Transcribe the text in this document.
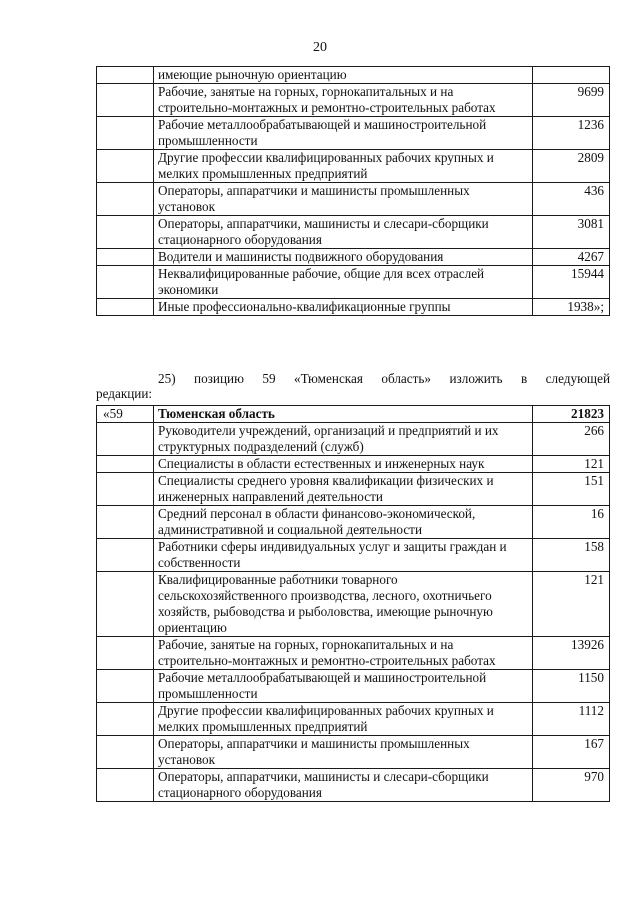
20
	имеющие рыночную ориентацию	
	Рабочие, занятые на горных, горнокапитальных и на строительно-монтажных и ремонтно-строительных работах	9699
	Рабочие металлообрабатывающей и машиностроительной промышленности	1236
	Другие профессии квалифицированных рабочих крупных и мелких промышленных предприятий	2809
	Операторы, аппаратчики и машинисты промышленных установок	436
	Операторы, аппаратчики, машинисты и слесари-сборщики стационарного оборудования	3081
	Водители и машинисты подвижного оборудования	4267
	Неквалифицированные рабочие, общие для всех отраслей экономики	15944
	Иные профессионально-квалификационные группы	1938»;
25) позицию 59 «Тюменская область» изложить в следующей
редакции:
«59	Тюменская область	21823
	Руководители учреждений, организаций и предприятий и их структурных подразделений (служб)	266
	Специалисты в области естественных и инженерных наук	121
	Специалисты среднего уровня квалификации физических и инженерных направлений деятельности	151
	Средний персонал в области финансово-экономической, административной и социальной деятельности	16
	Работники сферы индивидуальных услуг и защиты граждан и собственности	158
	Квалифицированные работники товарного сельскохозяйственного производства, лесного, охотничьего хозяйств, рыбоводства и рыболовства, имеющие рыночную ориентацию	121
	Рабочие, занятые на горных, горнокапитальных и на строительно-монтажных и ремонтно-строительных работах	13926
	Рабочие металлообрабатывающей и машиностроительной промышленности	1150
	Другие профессии квалифицированных рабочих крупных и мелких промышленных предприятий	1112
	Операторы, аппаратчики и машинисты промышленных установок	167
	Операторы, аппаратчики, машинисты и слесари-сборщики стационарного оборудования	970
